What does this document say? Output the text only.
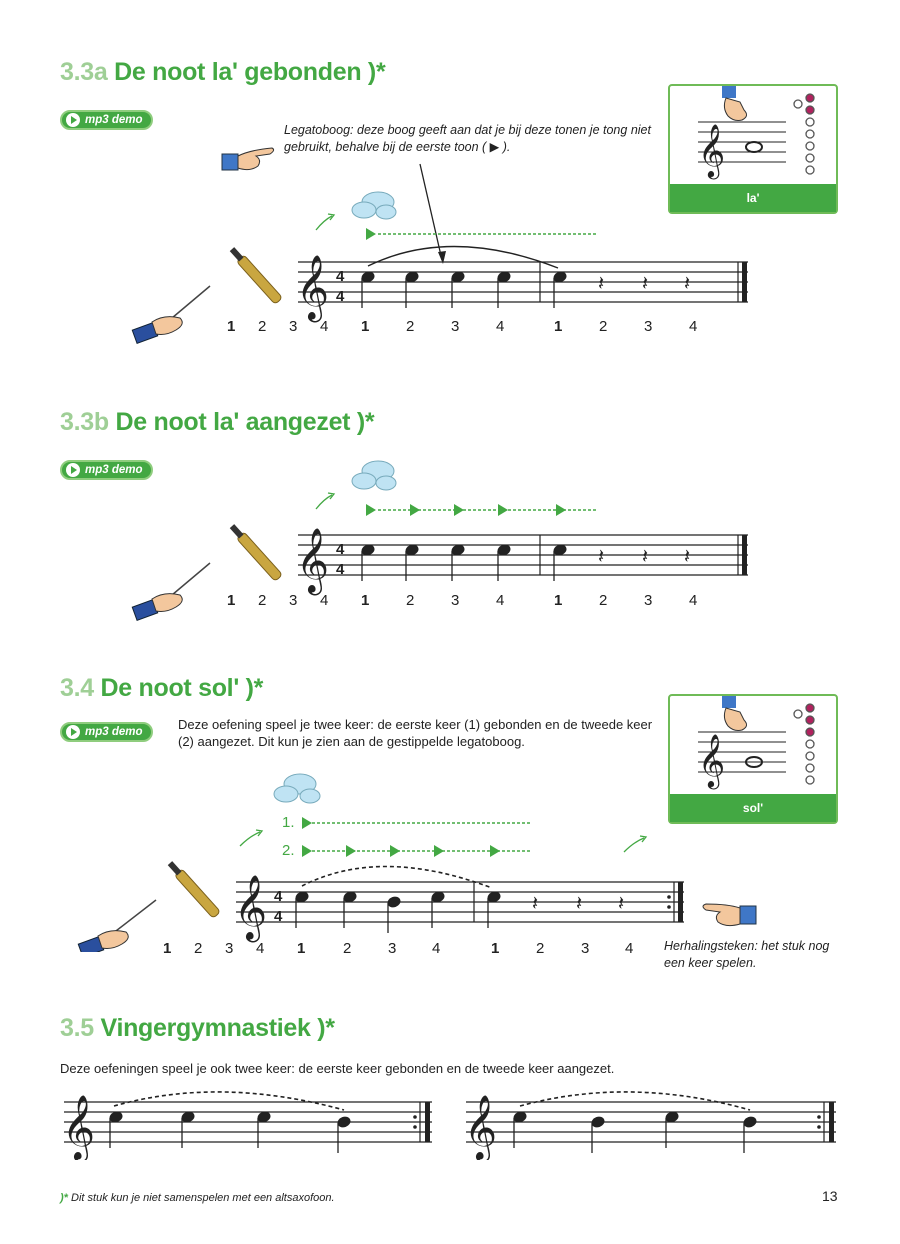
3.3a De noot la' gebonden )*
mp3 demo
Legatoboog: deze boog geeft aan dat je bij deze tonen je tong niet gebruikt, behalve bij de eerste toon ( ▶ ).	𝄞
la'
𝄞 4
4
𝄽 𝄽 𝄽
1 2 3 4 1 2 3 4	1 2 3 4
3.3b De noot la' aangezet )*
mp3 demo
𝄞 4
4
𝄽 𝄽 𝄽
1 2 3 4 1 2 3 4	1 2 3 4
3.4 De noot sol' )*
mp3 demo	Deze oefening speel je twee keer: de eerste keer (1) gebonden en de tweede keer (2) aangezet. Dit kun je zien aan de gestippelde legatoboog.	𝄞
sol'
1.
2.
𝄞 4
4
𝄽 𝄽 𝄽
1 2 3 4 1	2 3 4	1 2 3 4 Herhalingsteken: het stuk nog een keer spelen.
3.5 Vingergymnastiek )*
Deze oefeningen speel je ook twee keer: de eerste keer gebonden en de tweede keer aangezet.
𝄞	𝄞
)* Dit stuk kun je niet samenspelen met een altsaxofoon.	13
